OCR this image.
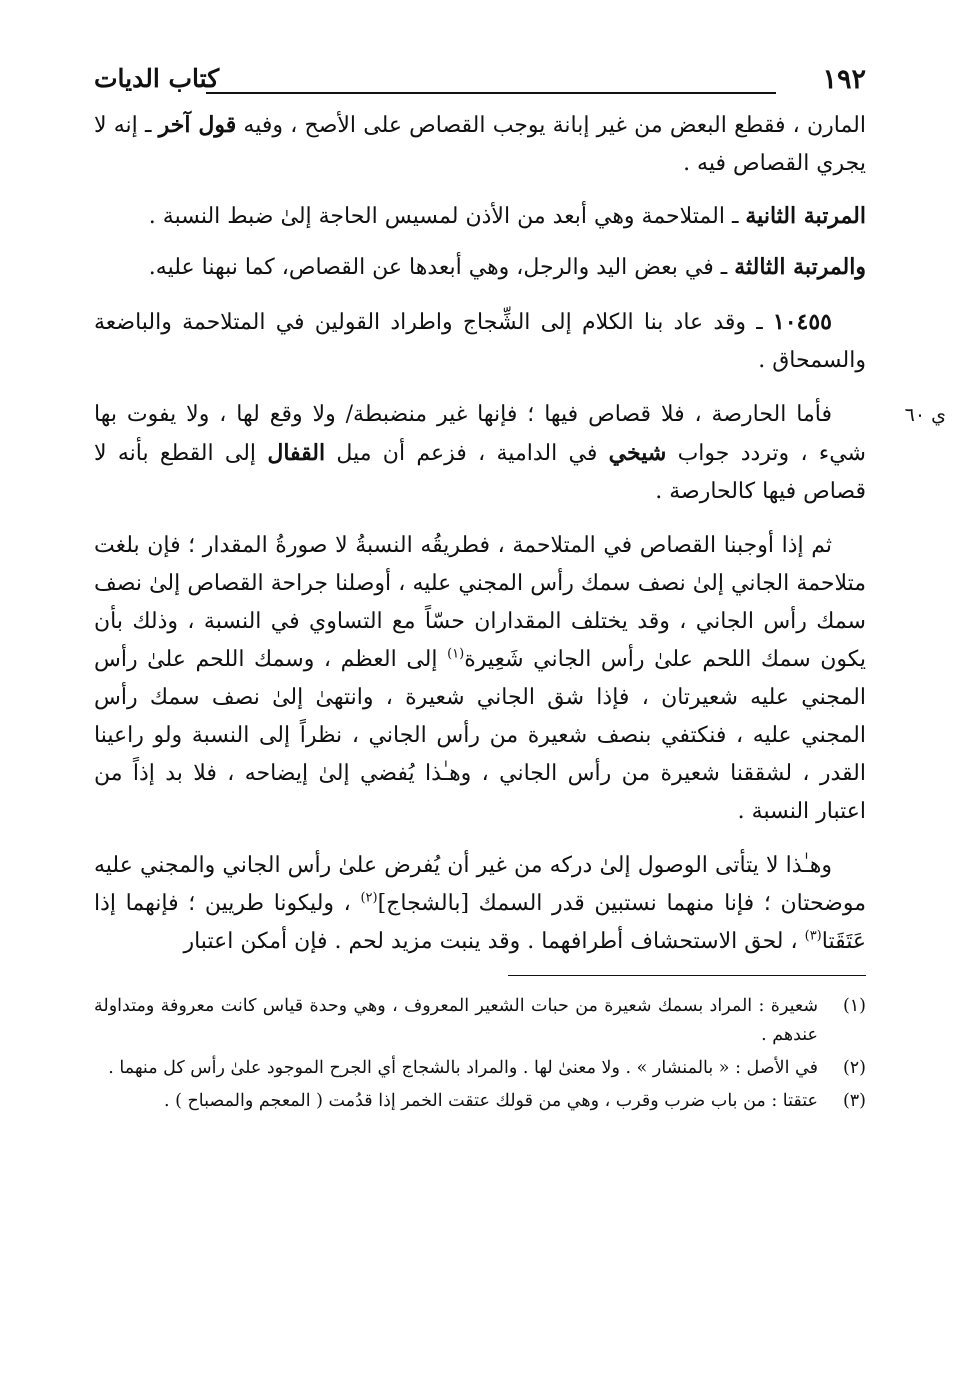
١٩٢
كتاب الديات

المارن ، فقطع البعض من غير إبانة يوجب القصاص على الأصح ، وفيه قول آخر ـ إنه لا يجري القصاص فيه .

المرتبة الثانية ـ المتلاحمة وهي أبعد من الأذن لمسيس الحاجة إلىٰ ضبط النسبة .

والمرتبة الثالثة ـ في بعض اليد والرجل، وهي أبعدها عن القصاص، كما نبهنا عليه.

١٠٤٥٥ ـ وقد عاد بنا الكلام إلى الشِّجاج واطراد القولين في المتلاحمة والباضعة والسمحاق .

ي ٦٠
فأما الحارصة ، فلا قصاص فيها ؛ فإنها غير منضبطة/ ولا وقع لها ، ولا يفوت بها شيء ، وتردد جواب شيخي في الدامية ، فزعم أن ميل القفال إلى القطع بأنه لا قصاص فيها كالحارصة .

ثم إذا أوجبنا القصاص في المتلاحمة ، فطريقُه النسبةُ لا صورةُ المقدار ؛ فإن بلغت متلاحمة الجاني إلىٰ نصف سمك رأس المجني عليه ، أوصلنا جراحة القصاص إلىٰ نصف سمك رأس الجاني ، وقد يختلف المقداران حسّاً مع التساوي في النسبة ، وذلك بأن يكون سمك اللحم علىٰ رأس الجاني شَعِيرة$^{(١)}$ إلى العظم ، وسمك اللحم علىٰ رأس المجني عليه شعيرتان ، فإذا شق الجاني شعيرة ، وانتهىٰ إلىٰ نصف سمك رأس المجني عليه ، فنكتفي بنصف شعيرة من رأس الجاني ، نظراً إلى النسبة ولو راعينا القدر ، لشققنا شعيرة من رأس الجاني ، وهـٰذا يُفضي إلىٰ إيضاحه ، فلا بد إذاً من اعتبار النسبة .

وهـٰذا لا يتأتى الوصول إلىٰ دركه من غير أن يُفرض علىٰ رأس الجاني والمجني عليه موضحتان ؛ فإنا منهما نستبين قدر السمك [بالشجاج]$^{(٢)}$ ، وليكونا طريين ؛ فإنهما إذا عَتَقَتا$^{(٣)}$ ، لحق الاستحشاف أطرافهما . وقد ينبت مزيد لحم . فإن أمكن اعتبار

(١)
شعيرة : المراد بسمك شعيرة من حبات الشعير المعروف ، وهي وحدة قياس كانت معروفة ومتداولة عندهم .
(٢)
في الأصل : « بالمنشار » . ولا معنىٰ لها . والمراد بالشجاج أي الجرح الموجود علىٰ رأس كل منهما .
(٣)
عتقتا : من باب ضرب وقرب ، وهي من قولك عتقت الخمر إذا قدُمت ( المعجم والمصباح ) .
